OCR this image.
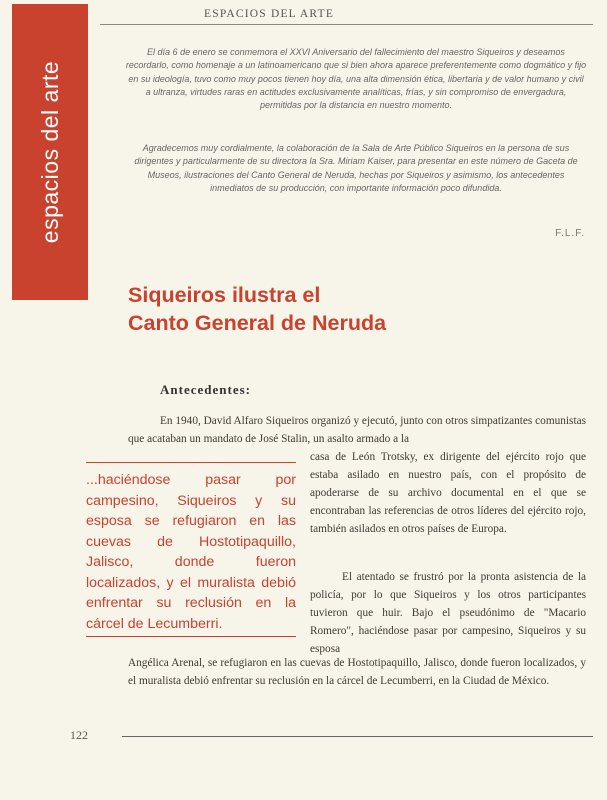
espacios del arte
ESPACIOS DEL ARTE

El día 6 de enero se conmemora el XXVI Aniversario del fallecimiento del maestro Siqueiros y deseamos recordarlo, como homenaje a un latinoamericano que si bien ahora aparece preferentemente como dogmático y fijo en su ideología, tuvo como muy pocos tienen hoy día, una alta dimensión ética, libertaria y de valor humano y civil a ultranza, virtudes raras en actitudes exclusivamente analíticas, frías, y sin compromiso de envergadura, permitidas por la distancia en nuestro momento.

Agradecemos muy cordialmente, la colaboración de la Sala de Arte Público Siqueiros en la persona de sus dirigentes y particularmente de su directora la Sra. Miriam Kaiser, para presentar en este número de Gaceta de Museos, ilustraciones del Canto General de Neruda, hechas por Siqueiros y asimismo, los antecedentes inmediatos de su producción, con importante información poco difundida.

F.L.F.
Siqueiros ilustra el
Canto General de Neruda
Antecedentes:

En 1940, David Alfaro Siqueiros organizó y ejecutó, junto con otros simpatizantes comunistas que acataban un mandato de José Stalin, un asalto armado a la

casa de León Trotsky, ex dirigente del ejército rojo que estaba asilado en nuestro país, con el propósito de apoderarse de su archivo documental en el que se encontraban las referencias de otros líderes del ejército rojo, también asilados en otros países de Europa.

El atentado se frustró por la pronta asistencia de la policía, por lo que Siqueiros y los otros participantes tuvieron que huir. Bajo el pseudónimo de "Macario Romero", haciéndose pasar por campesino, Siqueiros y su esposa

Angélica Arenal, se refugiaron en las cuevas de Hostotipaquillo, Jalisco, donde fueron localizados, y el muralista debió enfrentar su reclusión en la cárcel de Lecumberri, en la Ciudad de México.

...haciéndose pasar por campesino, Siqueiros y su esposa se refugiaron en las cuevas de Hostotipaquillo, Jalisco, donde fueron localizados, y el muralista debió enfrentar su reclusión en la cárcel de Lecumberri.

122
